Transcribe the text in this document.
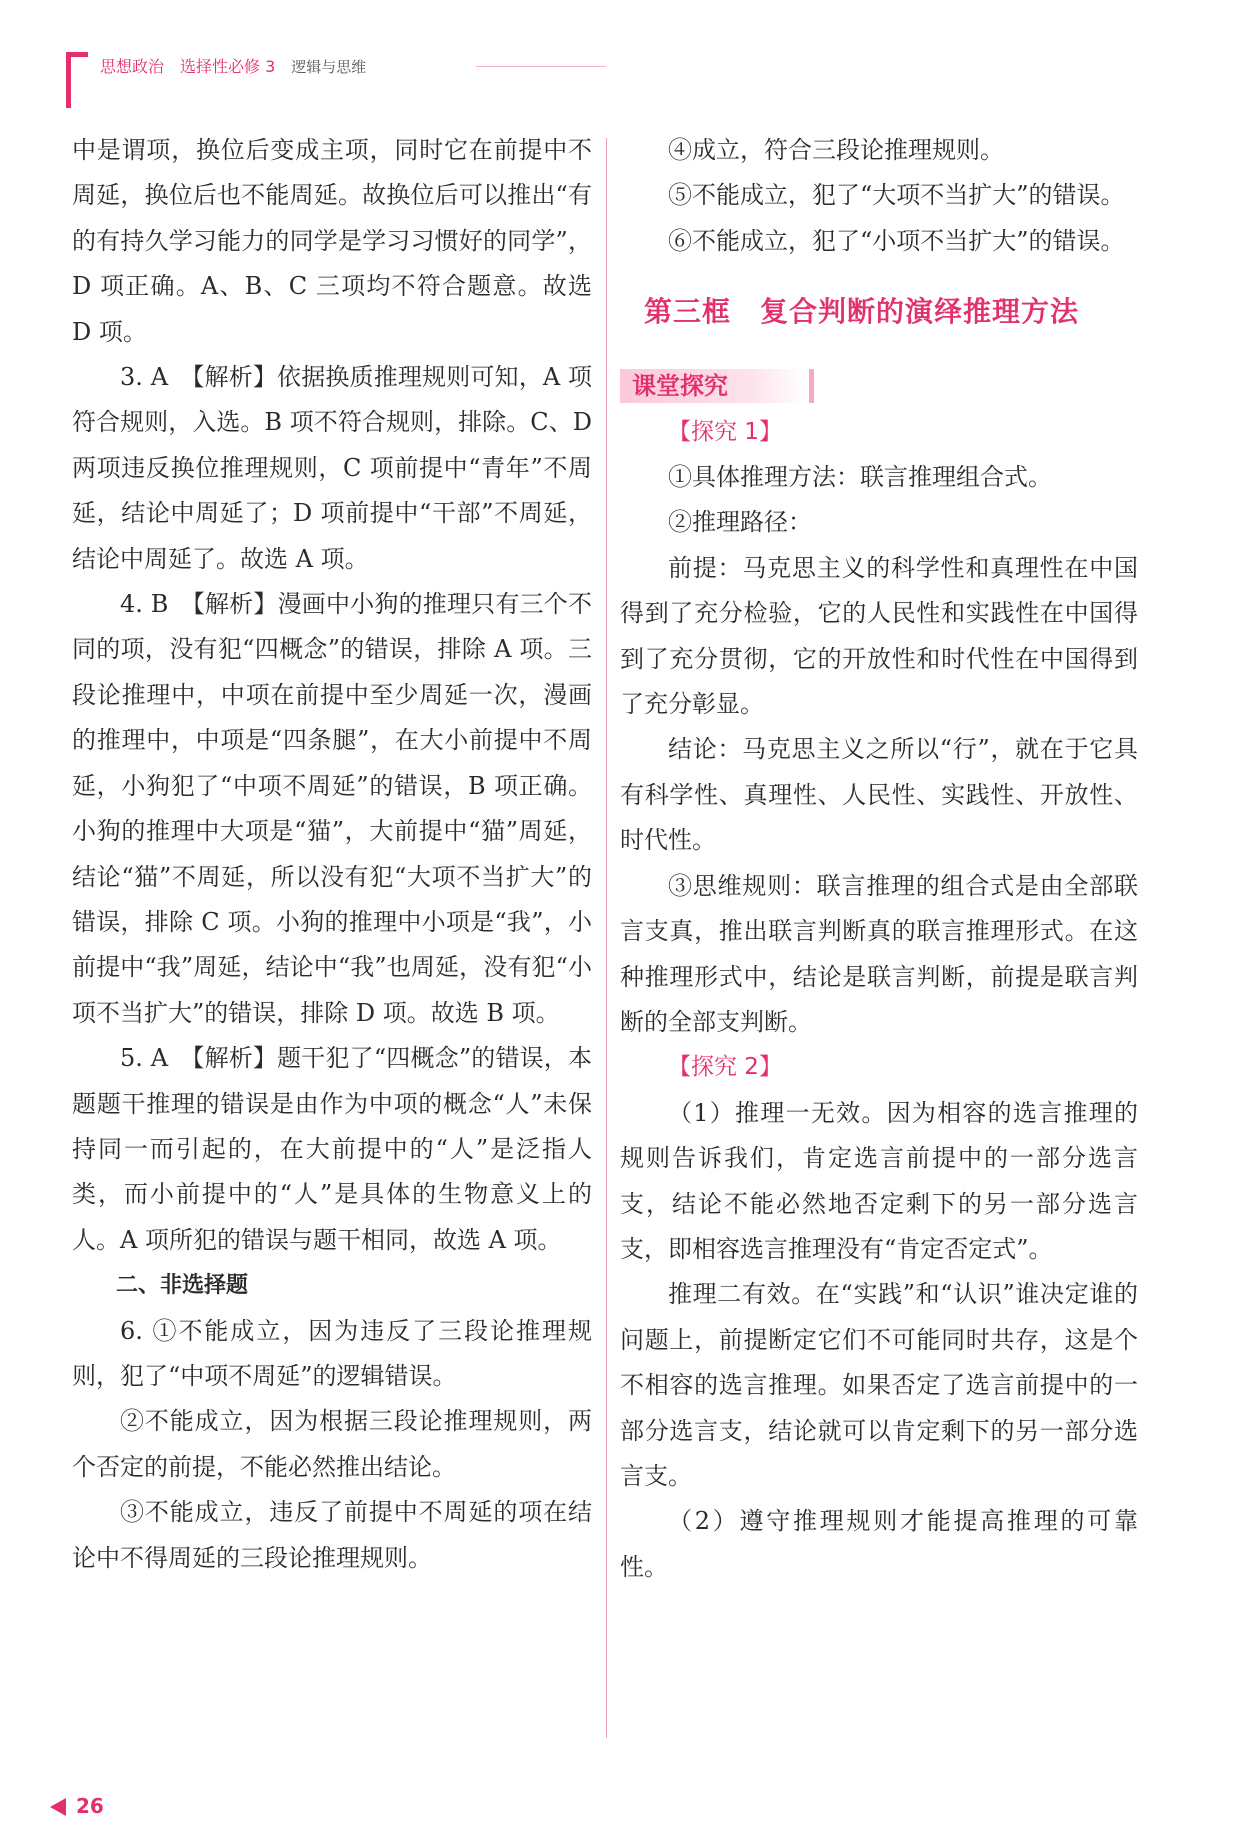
思想政治 选择性必修 3 逻辑与思维

中是谓项，换位后变成主项，同时它在前提中不周延，换位后也不能周延。故换位后可以推出“有的有持久学习能力的同学是学习习惯好的同学”，D 项正确。A、B、C 三项均不符合题意。故选 D 项。

3. A　【解析】依据换质推理规则可知，A 项符合规则，入选。B 项不符合规则，排除。C、D 两项违反换位推理规则，C 项前提中“青年”不周延，结论中周延了；D 项前提中“干部”不周延，结论中周延了。故选 A 项。

4. B　【解析】漫画中小狗的推理只有三个不同的项，没有犯“四概念”的错误，排除 A 项。三段论推理中，中项在前提中至少周延一次，漫画的推理中，中项是“四条腿”，在大小前提中不周延，小狗犯了“中项不周延”的错误，B 项正确。小狗的推理中大项是“猫”，大前提中“猫”周延，结论“猫”不周延，所以没有犯“大项不当扩大”的错误，排除 C 项。小狗的推理中小项是“我”，小前提中“我”周延，结论中“我”也周延，没有犯“小项不当扩大”的错误，排除 D 项。故选 B 项。

5. A　【解析】题干犯了“四概念”的错误，本题题干推理的错误是由作为中项的概念“人”未保持同一而引起的，在大前提中的“人”是泛指人类，而小前提中的“人”是具体的生物意义上的人。A 项所犯的错误与题干相同，故选 A 项。

二、非选择题

6. ①不能成立，因为违反了三段论推理规则，犯了“中项不周延”的逻辑错误。

②不能成立，因为根据三段论推理规则，两个否定的前提，不能必然推出结论。

③不能成立，违反了前提中不周延的项在结论中不得周延的三段论推理规则。

④成立，符合三段论推理规则。

⑤不能成立，犯了“大项不当扩大”的错误。

⑥不能成立，犯了“小项不当扩大”的错误。

第三框　复合判断的演绎推理方法
课堂探究
【探究 1】

①具体推理方法：联言推理组合式。

②推理路径：

前提：马克思主义的科学性和真理性在中国得到了充分检验，它的人民性和实践性在中国得到了充分贯彻，它的开放性和时代性在中国得到了充分彰显。

结论：马克思主义之所以“行”，就在于它具有科学性、真理性、人民性、实践性、开放性、时代性。

③思维规则：联言推理的组合式是由全部联言支真，推出联言判断真的联言推理形式。在这种推理形式中，结论是联言判断，前提是联言判断的全部支判断。

【探究 2】

（1）推理一无效。因为相容的选言推理的规则告诉我们，肯定选言前提中的一部分选言支，结论不能必然地否定剩下的另一部分选言支，即相容选言推理没有“肯定否定式”。

推理二有效。在“实践”和“认识”谁决定谁的问题上，前提断定它们不可能同时共存，这是个不相容的选言推理。如果否定了选言前提中的一部分选言支，结论就可以肯定剩下的另一部分选言支。

（2）遵守推理规则才能提高推理的可靠性。

26
